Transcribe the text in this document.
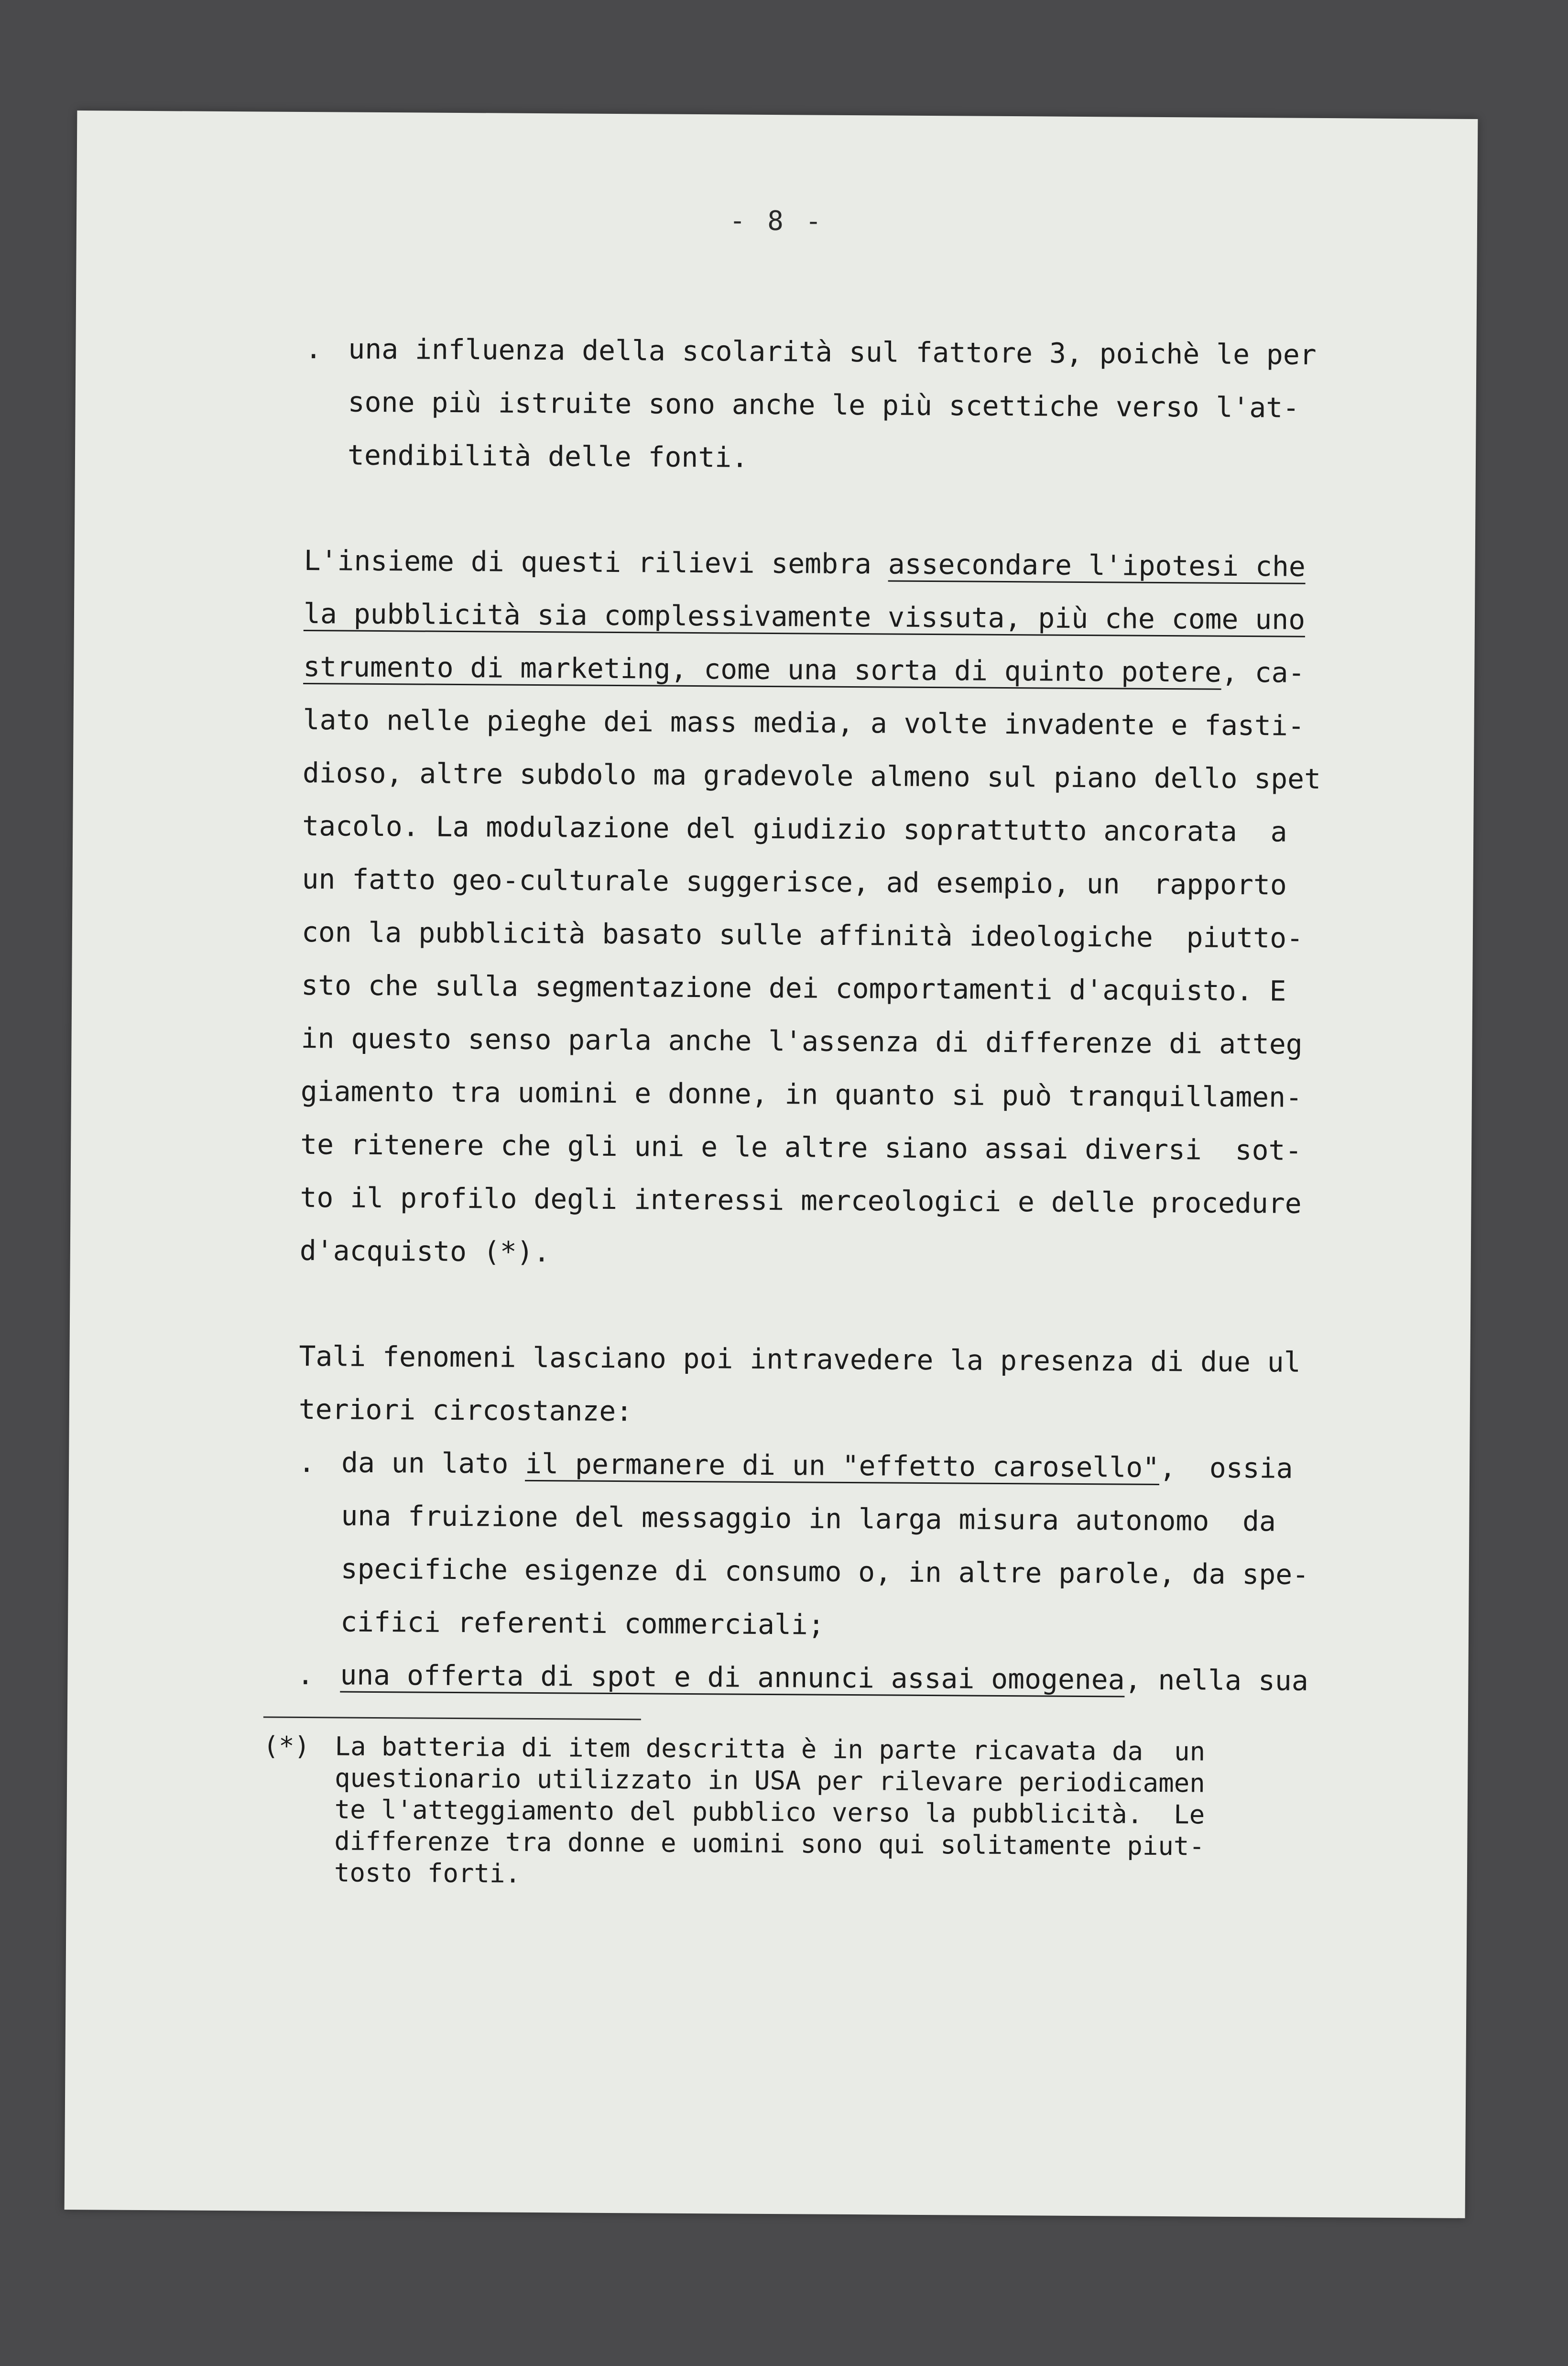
- 8 -
. una influenza della scolarità sul fattore 3, poichè le per
sone più istruite sono anche le più scettiche verso l'at-
tendibilità delle fonti.
L'insieme di questi rilievi sembra assecondare l'ipotesi che
la pubblicità sia complessivamente vissuta, più che come uno
strumento di marketing, come una sorta di quinto potere, ca-
lato nelle pieghe dei mass media, a volte invadente e fasti-
dioso, altre subdolo ma gradevole almeno sul piano dello spet
tacolo. La modulazione del giudizio soprattutto ancorata  a
un fatto geo-culturale suggerisce, ad esempio, un  rapporto
con la pubblicità basato sulle affinità ideologiche  piutto-
sto che sulla segmentazione dei comportamenti d'acquisto. E
in questo senso parla anche l'assenza di differenze di atteg
giamento tra uomini e donne, in quanto si può tranquillamen-
te ritenere che gli uni e le altre siano assai diversi  sot-
to il profilo degli interessi merceologici e delle procedure
d'acquisto (*).
Tali fenomeni lasciano poi intravedere la presenza di due ul
teriori circostanze:
. da un lato il permanere di un "effetto carosello",  ossia
una fruizione del messaggio in larga misura autonomo  da
specifiche esigenze di consumo o, in altre parole, da spe-
cifici referenti commerciali;
. una offerta di spot e di annunci assai omogenea, nella sua
(*) La batteria di item descritta è in parte ricavata da  un
questionario utilizzato in USA per rilevare periodicamen
te l'atteggiamento del pubblico verso la pubblicità.  Le
differenze tra donne e uomini sono qui solitamente piut-
tosto forti.
